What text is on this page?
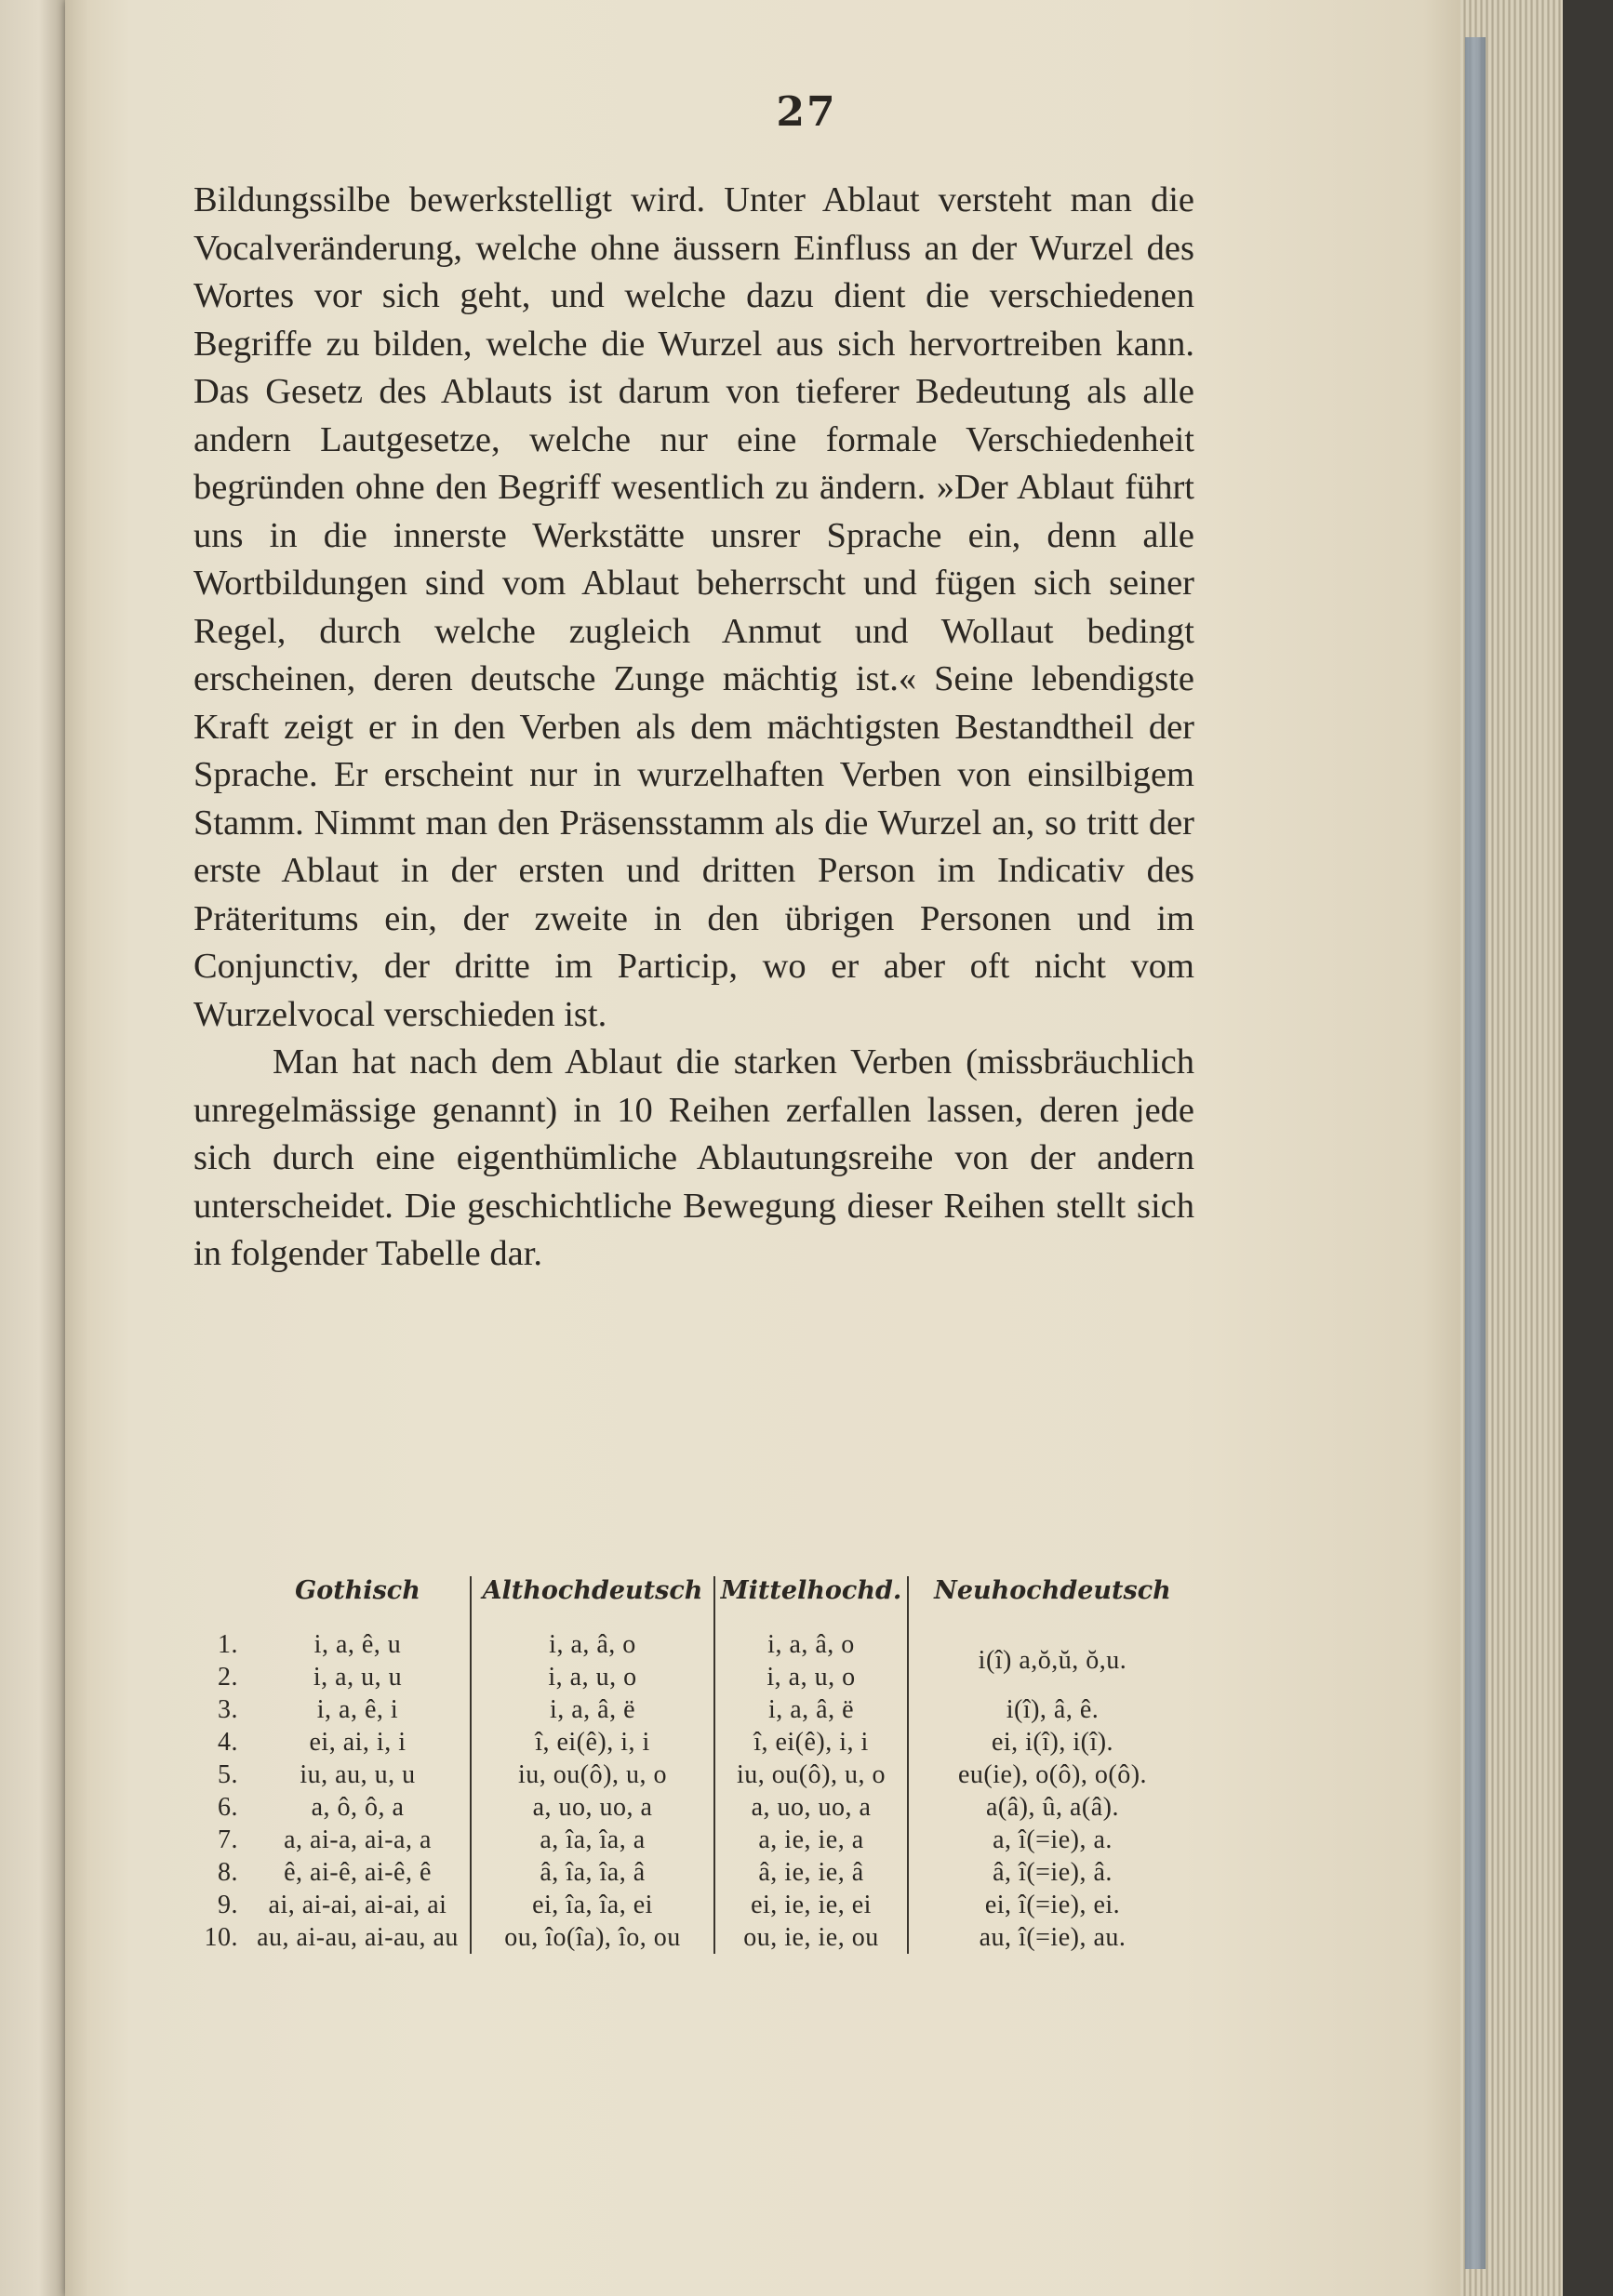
27

Bildungssilbe bewerkstelligt wird. Unter Ablaut versteht man die Vocalveränderung, welche ohne äussern Einfluss an der Wurzel des Wortes vor sich geht, und welche dazu dient die verschiedenen Begriffe zu bilden, welche die Wurzel aus sich hervortreiben kann. Das Gesetz des Ablauts ist darum von tieferer Bedeutung als alle andern Lautgesetze, welche nur eine formale Verschiedenheit begründen ohne den Begriff wesentlich zu ändern. »Der Ablaut führt uns in die innerste Werkstätte unsrer Sprache ein, denn alle Wortbildungen sind vom Ablaut beherrscht und fügen sich seiner Regel, durch welche zugleich Anmut und Wollaut bedingt erscheinen, deren deutsche Zunge mächtig ist.« Seine lebendigste Kraft zeigt er in den Verben als dem mächtigsten Bestandtheil der Sprache. Er erscheint nur in wurzelhaften Verben von einsilbigem Stamm. Nimmt man den Präsensstamm als die Wurzel an, so tritt der erste Ablaut in der ersten und dritten Person im Indicativ des Präteritums ein, der zweite in den übrigen Personen und im Conjunctiv, der dritte im Particip, wo er aber oft nicht vom Wurzelvocal verschieden ist.

Man hat nach dem Ablaut die starken Verben (missbräuchlich unregelmässige genannt) in 10 Reihen zerfallen lassen, deren jede sich durch eine eigenthümliche Ablautungsreihe von der andern unterscheidet. Die geschichtliche Bewegung dieser Reihen stellt sich in folgender Tabelle dar.

	Gothisch	Althochdeutsch	Mittelhochd.	Neuhochdeutsch
1.	i, a, ê, u	i, a, â, o	i, a, â, o	i(î) a,ŏ,ŭ, ŏ,u.
2.	i, a, u, u	i, a, u, o	i, a, u, o	
3.	i, a, ê, i	i, a, â, ë	i, a, â, ë	i(î), â, ê.
4.	ei, ai, i, i	î, ei(ê), i, i	î, ei(ê), i, i	ei, i(î), i(î).
5.	iu, au, u, u	iu, ou(ô), u, o	iu, ou(ô), u, o	eu(ie), o(ô), o(ô).
6.	a, ô, ô, a	a, uo, uo, a	a, uo, uo, a	a(â), û, a(â).
7.	a, ai-a, ai-a, a	a, îa, îa, a	a, ie, ie, a	a, î(=ie), a.
8.	ê, ai-ê, ai-ê, ê	â, îa, îa, â	â, ie, ie, â	â, î(=ie), â.
9.	ai, ai-ai, ai-ai, ai	ei, îa, îa, ei	ei, ie, ie, ei	ei, î(=ie), ei.
10.	au, ai-au, ai-au, au	ou, îo(îa), îo, ou	ou, ie, ie, ou	au, î(=ie), au.
